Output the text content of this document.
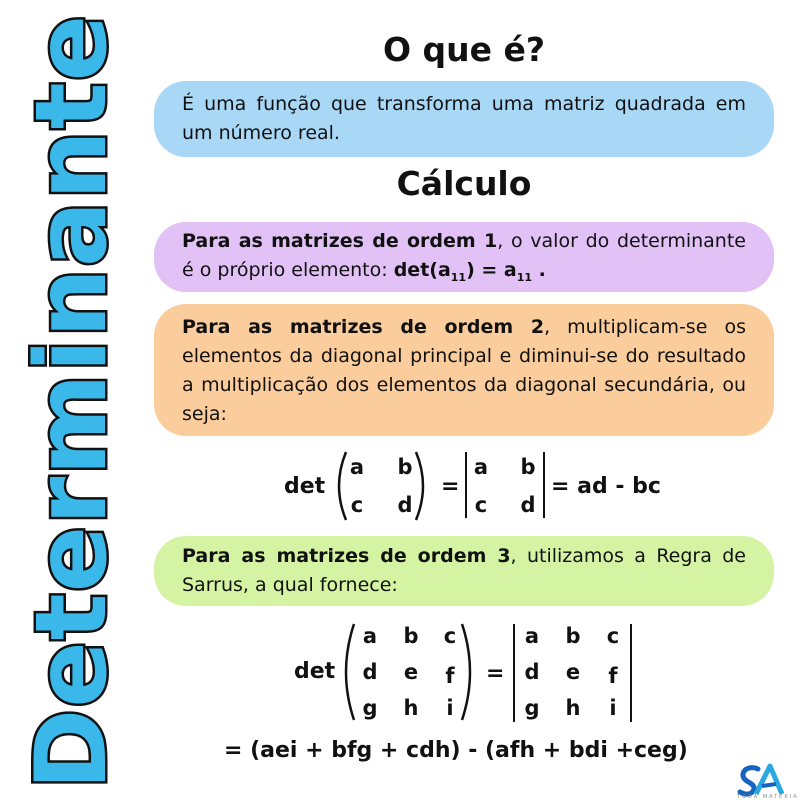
Determinante	O que é?
É uma função que transforma uma matriz quadrada em um número real.
Cálculo
Para as matrizes de ordem 1, o valor do determinante é o próprio elemento: $\det(a_{11}) = a_{11}$ .
Para as matrizes de ordem 2, multiplicam-se os elementos da diagonal principal e diminui-se do resultado a multiplicação dos elementos da diagonal secundária, ou seja:
det
a	b
c	d
=
a	b
c	d
= ad - bc
Para as matrizes de ordem 3, utilizamos a Regra de Sarrus, a qual fornece:
det
a	b	c
d	e	f
g	h	i
=
a	b	c
d	e	f
g	h	i
= (aei + bfg + cdh) - (afh + bdi +ceg)
TODA MATÉRIA
